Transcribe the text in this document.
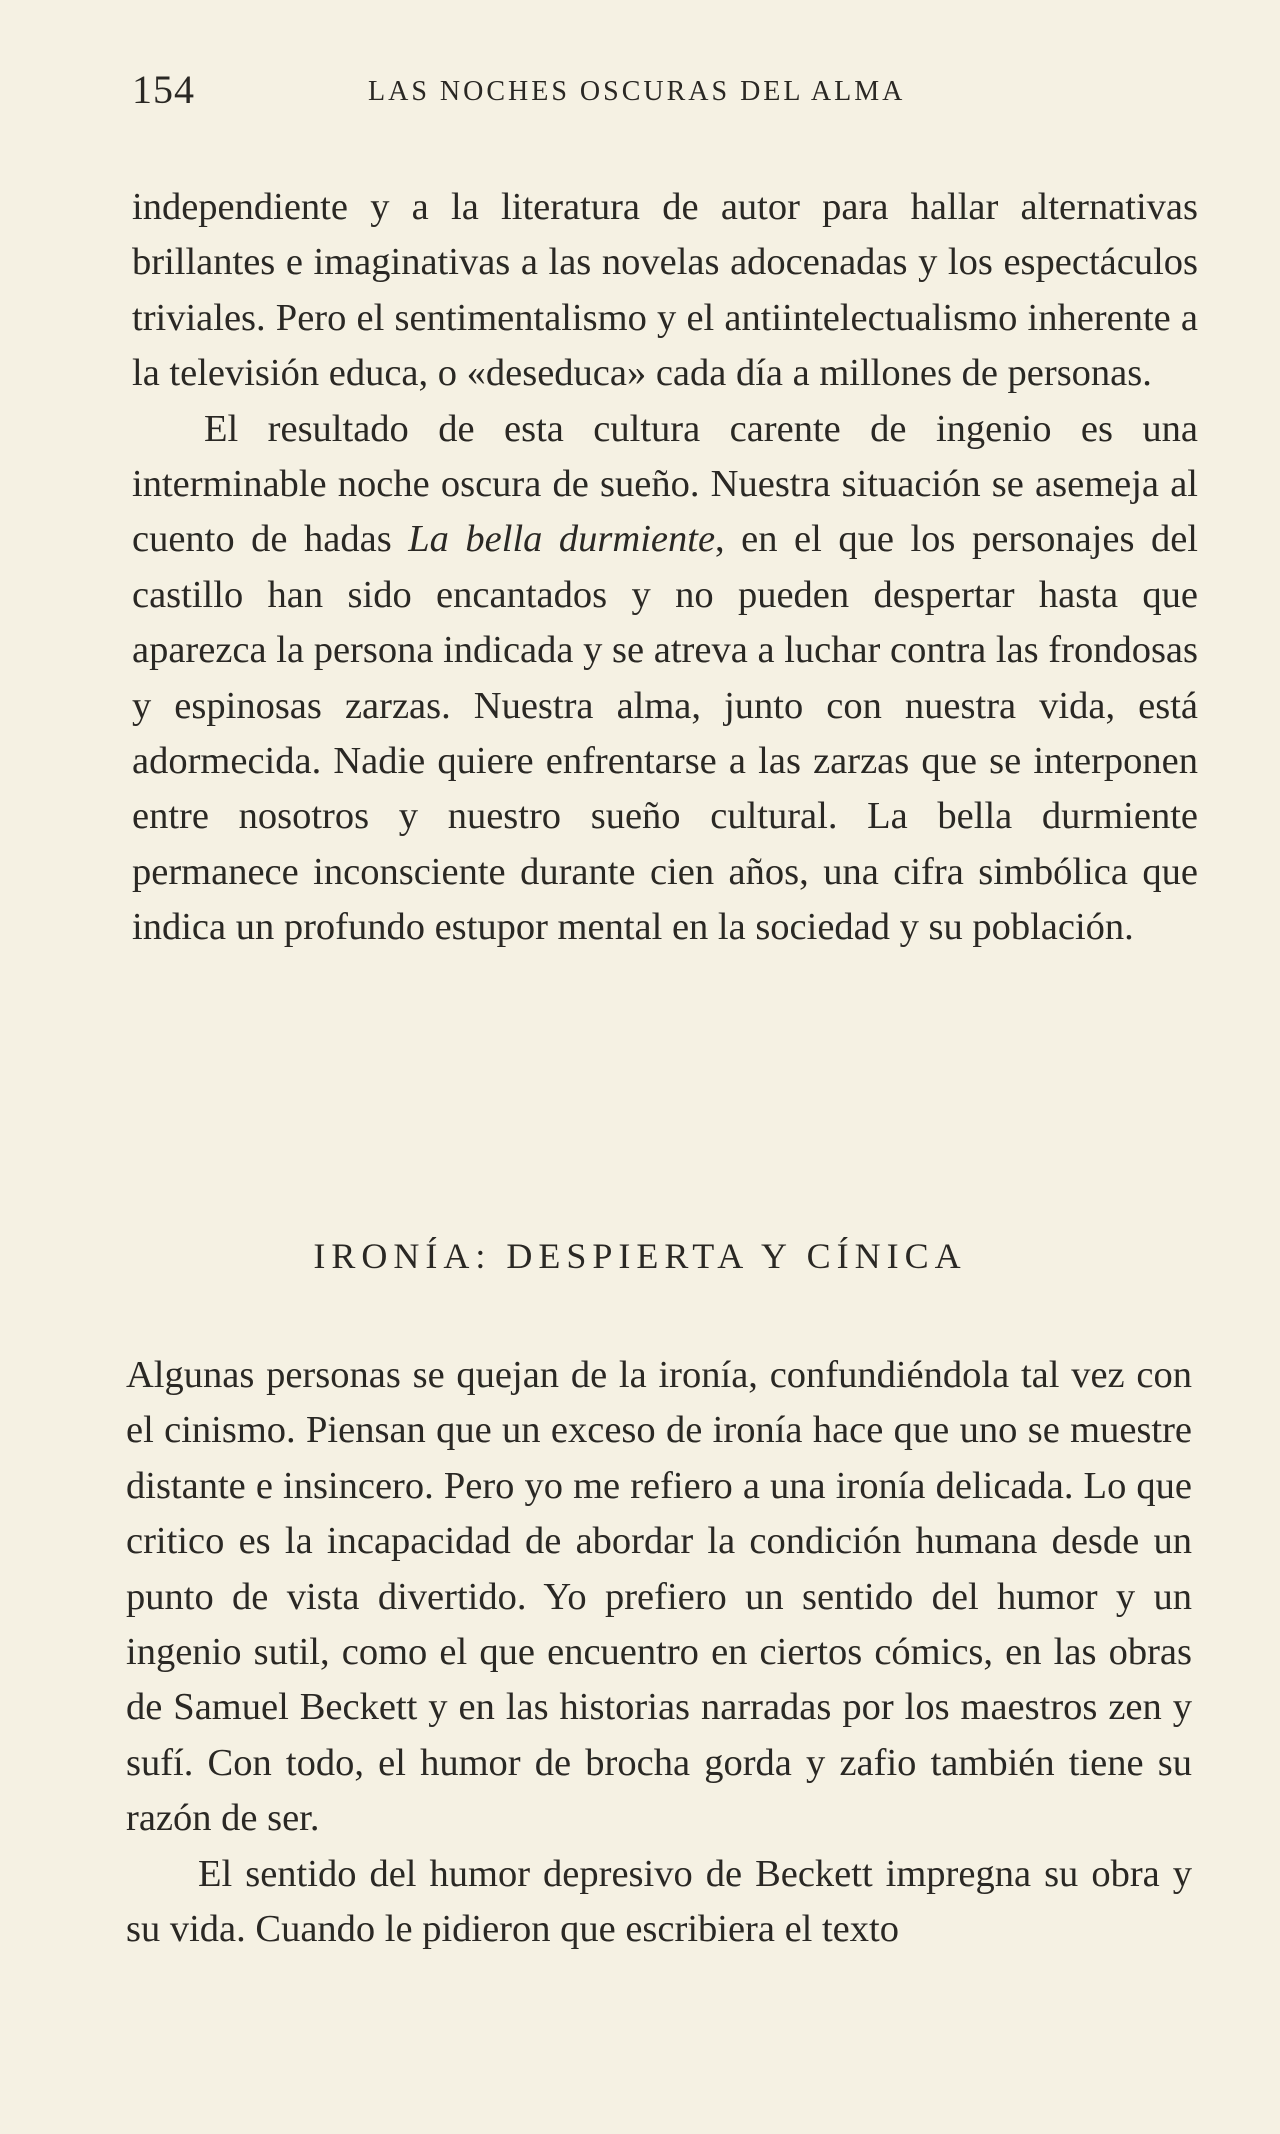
154	LAS NOCHES OSCURAS DEL ALMA

independiente y a la literatura de autor para hallar alternativas brillantes e imaginativas a las novelas adocenadas y los espectáculos triviales. Pero el sentimentalismo y el antiintelectualismo inherente a la televisión educa, o «deseduca» cada día a millones de personas.

El resultado de esta cultura carente de ingenio es una interminable noche oscura de sueño. Nuestra situación se asemeja al cuento de hadas La bella durmiente, en el que los personajes del castillo han sido encantados y no pueden despertar hasta que aparezca la persona indicada y se atreva a luchar contra las frondosas y espinosas zarzas. Nuestra alma, junto con nuestra vida, está adormecida. Nadie quiere enfrentarse a las zarzas que se interponen entre nosotros y nuestro sueño cultural. La bella durmiente permanece inconsciente durante cien años, una cifra simbólica que indica un profundo estupor mental en la sociedad y su población.

IRONÍA: DESPIERTA Y CÍNICA

Algunas personas se quejan de la ironía, confundiéndola tal vez con el cinismo. Piensan que un exceso de ironía hace que uno se muestre distante e insincero. Pero yo me refiero a una ironía delicada. Lo que critico es la incapacidad de abordar la condición humana desde un punto de vista divertido. Yo prefiero un sentido del humor y un ingenio sutil, como el que encuentro en ciertos cómics, en las obras de Samuel Beckett y en las historias narradas por los maestros zen y sufí. Con todo, el humor de brocha gorda y zafio también tiene su razón de ser.

El sentido del humor depresivo de Beckett impregna su obra y su vida. Cuando le pidieron que escribiera el texto
